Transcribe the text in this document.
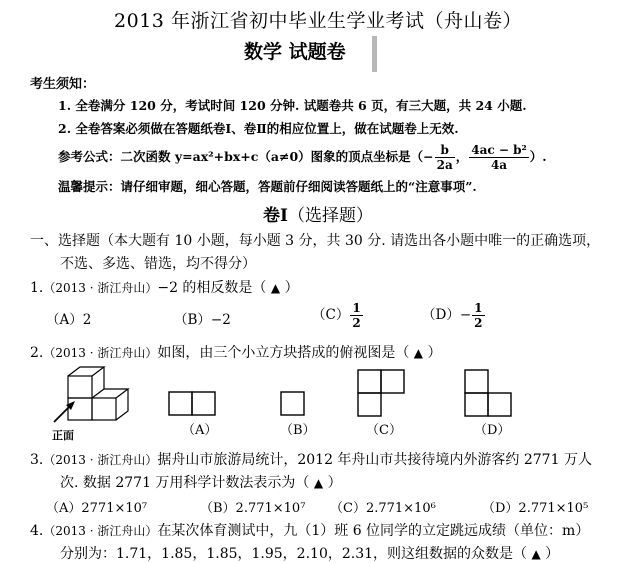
2013 年浙江省初中毕业生学业考试（舟山卷）
数学 试题卷
考生须知：
1. 全卷满分 120 分，考试时间 120 分钟. 试题卷共 6 页，有三大题，共 24 小题.
2. 全卷答案必须做在答题纸卷Ⅰ、卷Ⅱ的相应位置上，做在试题卷上无效.
参考公式：二次函数 y=ax²+bx+c（a≠0）图象的顶点坐标是（− $\frac{b}{2a}$ ， $\frac{\text{4ac − b²}}{4a}$ ）.
温馨提示：请仔细审题，细心答题，答题前仔细阅读答题纸上的“注意事项”.
卷Ⅰ（选择题）
一、选择题（本大题有 10 小题，每小题 3 分，共 30 分. 请选出各小题中唯一的正确选项，
不选、多选、错选，均不得分）
1.（2013 · 浙江舟山）−2 的相反数是（ ▲ ）
（A）2	（B）−2	$(C) \frac{1}{2}$	$(D)- \frac{1}{2}$
2.（2013 · 浙江舟山）如图，由三个小立方块搭成的俯视图是（ ▲ ）
正面	（A）	（B）	（C）	（D）
3.（2013 · 浙江舟山）据舟山市旅游局统计，2012 年舟山市共接待境内外游客约 2771 万人
次. 数据 2771 万用科学计数法表示为（ ▲ ）
（A）2771×10⁷	（B）2.771×10⁷ （C）2.771×10⁶	（D）2.771×10⁵
4.（2013 · 浙江舟山）在某次体育测试中，九（1）班 6 位同学的立定跳远成绩（单位：m）
分别为：1.71，1.85，1.85，1.95，2.10，2.31，则这组数据的众数是（ ▲ ）
